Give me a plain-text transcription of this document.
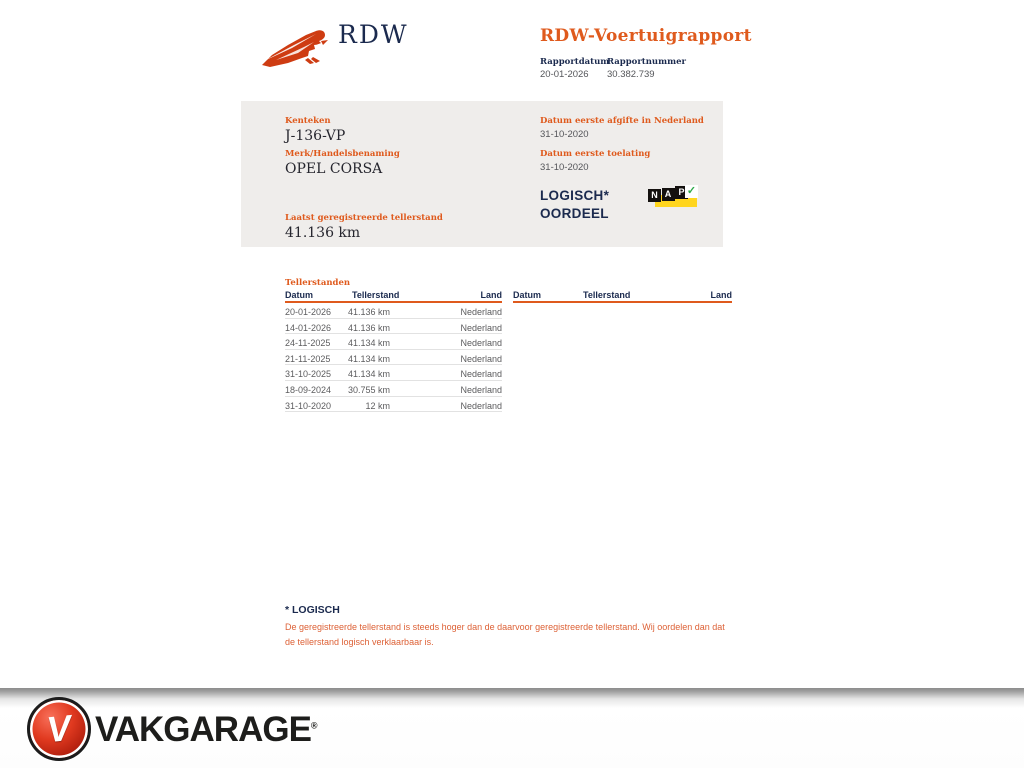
RDW	RDW-Voertuigrapport
Rapportdatum
20-01-2026
Rapportnummer
30.382.739
Kenteken
J-136-VP
Merk/Handelsbenaming
OPEL CORSA
Laatst geregistreerde tellerstand
41.136 km
Datum eerste afgifte in Nederland
31-10-2020
Datum eerste toelating
31-10-2020
LOGISCH*
OORDEEL
N A P ✓
Tellerstanden
Datum	Tellerstand	Land
20-01-2026 41.136 km	Nederland
14-01-2026 41.136 km	Nederland
24-11-2025 41.134 km	Nederland
21-11-2025 41.134 km	Nederland
31-10-2025 41.134 km	Nederland
18-09-2024 30.755 km	Nederland
31-10-2020	12 km	Nederland
Datum	Tellerstand	Land
* LOGISCH
De geregistreerde tellerstand is steeds hoger dan de daarvoor geregistreerde tellerstand. Wij oordelen dan dat de tellerstand logisch verklaarbaar is.
V VAKGARAGE®
